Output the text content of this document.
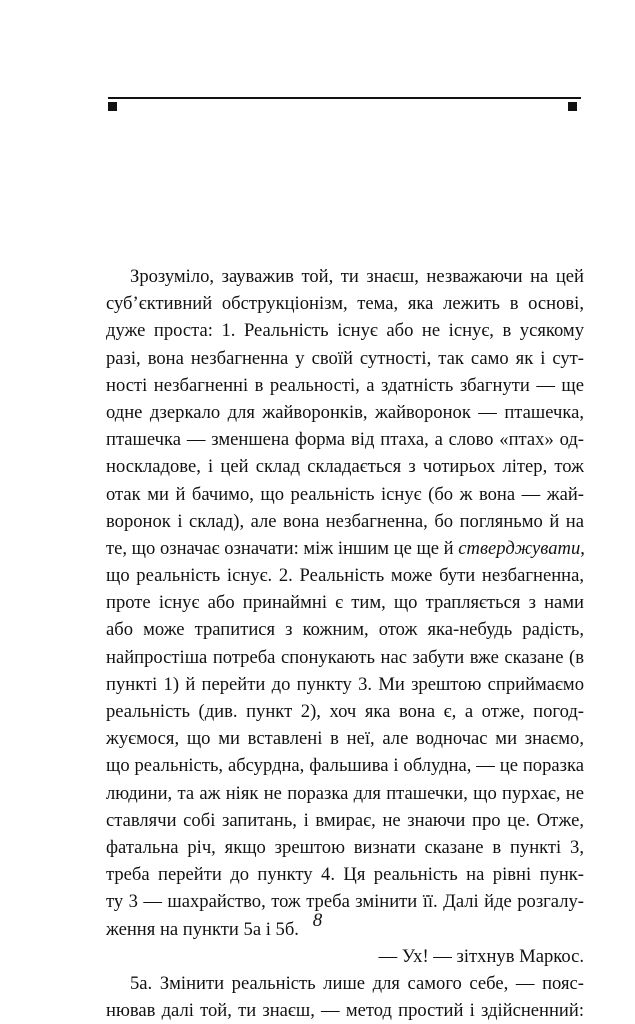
Зрозуміло, зауважив той, ти знаєш, незважаючи на цей
суб’єктивний обструкціонізм, тема, яка лежить в основі,
дуже проста: 1. Реальність існує або не існує, в усякому
разі, вона незбагненна у своїй сутності, так само як і сут-
ності незбагненні в реальності, а здатність збагнути — ще
одне дзеркало для жайворонків, жайворонок — пташечка,
пташечка — зменшена форма від птаха, а слово «птах» од-
носкладове, і цей склад складається з чотирьох літер, тож
отак ми й бачимо, що реальність існує (бо ж вона — жай-
воронок і склад), але вона незбагненна, бо погляньмо й на
те, що означає означати: між іншим це ще й стверджувати,
що реальність існує. 2. Реальність може бути незбагненна,
проте існує або принаймні є тим, що трапляється з нами
або може трапитися з кожним, отож яка-небудь радість,
найпростіша потреба спонукають нас забути вже сказане (в
пункті 1) й перейти до пункту 3. Ми зрештою сприймаємо
реальність (див. пункт 2), хоч яка вона є, а отже, погод-
жуємося, що ми вставлені в неї, але водночас ми знаємо,
що реальність, абсурдна, фальшива і облудна, — це поразка
людини, та аж ніяк не поразка для пташечки, що пурхає, не
ставлячи собі запитань, і вмирає, не знаючи про це. Отже,
фатальна річ, якщо зрештою визнати сказане в пункті 3,
треба перейти до пункту 4. Ця реальність на рівні пунк-
ту 3 — шахрайство, тож треба змінити її. Далі йде розгалу-
ження на пункти 5а і 5б.
— Ух! — зітхнув Маркос.
5а. Змінити реальність лише для самого себе, — пояс-
нював далі той, ти знаєш, — метод простий і здійсненний:
8
